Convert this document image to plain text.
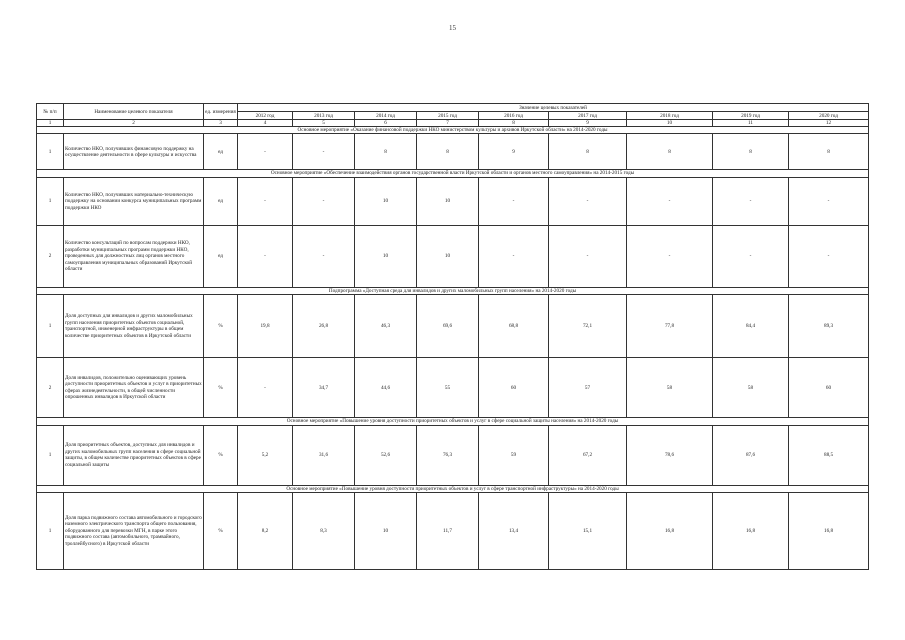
15
№ п/п	Наименование целевого показателя	ед. измерения	Значение целевых показателей								
			2012 год	2013 год	2014 год	2015 год	2016 год	2017 год	2018 год	2019 год	2020 год
1	2	3	4	5	6	7	8	9	10	11	12
Основное мероприятие «Оказание финансовой поддержки НКО министерством культуры и архивов Иркутской области» на 2014-2020 годы											
1	Количество НКО, получивших финансовую поддержку на осуществление деятельности в сфере культуры и искусства	ед	-	-	8	8	9	8	8	8	8
Основное мероприятие «Обеспечение взаимодействия органов государственной власти Иркутской области и органов местного самоуправления» на 2014-2015 годы											
1	Количество НКО, получивших материально-техническую поддержку на основании конкурса муниципальных программ поддержки НКО	ед	-	-	10	10	-	-	-	-	-
2	Количество консультаций по вопросам поддержки НКО, разработки муниципальных программ поддержки НКО, проведенных для должностных лиц органов местного самоуправления муниципальных образований Иркутской области	ед	-	-	10	10	-	-	-	-	-
Подпрограмма «Доступная среда для инвалидов и других маломобильных групп населения» на 2014-2020 годы											
1	Доля доступных для инвалидов и других маломобильных групп населения приоритетных объектов социальной, транспортной, инженерной инфраструктуры в общем количестве приоритетных объектов в Иркутской области	%	19,8	26,8	46,3	69,6	68,8	72,1	77,8	84,4	89,3
2	Доля инвалидов, положительно оценивающих уровень доступности приоритетных объектов и услуг в приоритетных сферах жизнедеятельности, в общей численности опрошенных инвалидов в Иркутской области	%	-	34,7	44,6	55	60	57	58	58	60
Основное мероприятие «Повышение уровня доступности приоритетных объектов и услуг в сфере социальной защиты населения» на 2014-2020 годы											
1	Доля приоритетных объектов, доступных для инвалидов и других маломобильных групп населения в сфере социальной защиты, в общем количестве приоритетных объектов в сфере социальной защиты	%	5,2	31,6	52,6	76,3	59	67,2	78,6	87,6	88,5
Основное мероприятие «Повышение уровня доступности приоритетных объектов и услуг в сфере транспортной инфраструктуры» на 2014-2020 годы											
1	Доля парка подвижного состава автомобильного и городского наземного электрического транспорта общего пользования, оборудованного для перевозки МГН, в парке этого подвижного состава (автомобильного, трамвайного, троллейбусного) в Иркутской области	%	8,2	8,3	10	11,7	13,4	15,1	16,8	16,8	16,8
